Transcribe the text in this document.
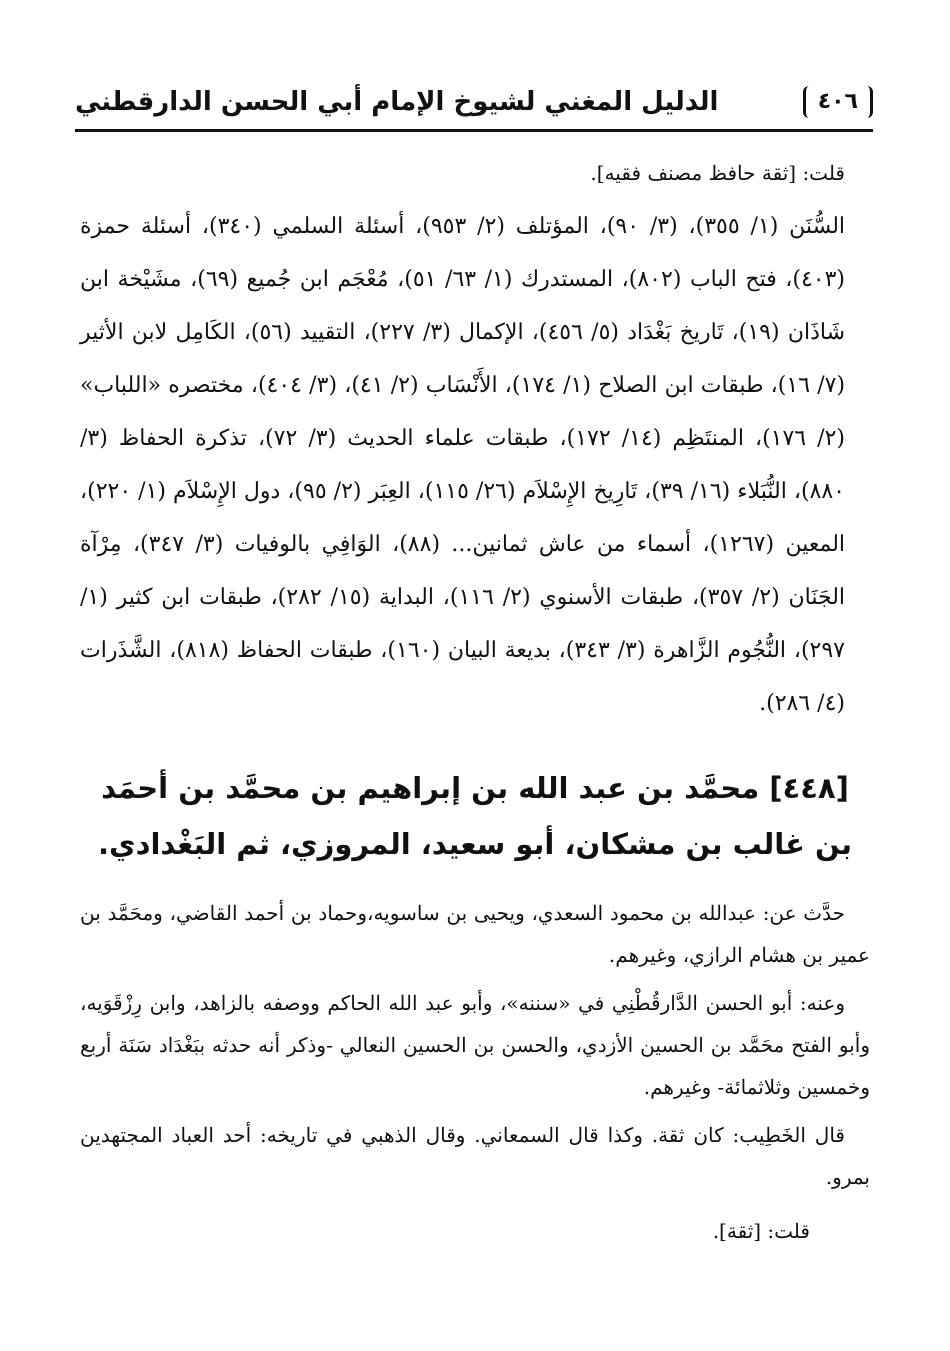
٤٠٦
الدليل المغني لشيوخ الإمام أبي الحسن الدارقطني

قلت: [ثقة حافظ مصنف فقيه].

السُّنَن (١/ ٣٥٥)، (٣/ ٩٠)، المؤتلف (٢/ ٩٥٣)، أسئلة السلمي (٣٤٠)، أسئلة حمزة (٤٠٣)، فتح الباب (٨٠٢)، المستدرك (١/ ٦٣/ ٥١)، مُعْجَم ابن جُميع (٦٩)، مشَيْخة ابن شَاذَان (١٩)، تَاريخ بَغْدَاد (٥/ ٤٥٦)، الإكمال (٣/ ٢٢٧)، التقييد (٥٦)، الكَامِل لابن الأثير (٧/ ١٦)، طبقات ابن الصلاح (١/ ١٧٤)، الأَنْسَاب (٢/ ٤١)، (٣/ ٤٠٤)، مختصره «اللباب» (٢/ ١٧٦)، المنتَظِم (١٤/ ١٧٢)، طبقات علماء الحديث (٣/ ٧٢)، تذكرة الحفاظ (٣/ ٨٨٠)، النُّبَلاء (١٦/ ٣٩)، تَارِيخ الإِسْلاَم (٢٦/ ١١٥)، العِبَر (٢/ ٩٥)، دول الإِسْلاَم (١/ ٢٢٠)، المعين (١٢٦٧)، أسماء من عاش ثمانين... (٨٨)، الوَافِي بالوفيات (٣/ ٣٤٧)، مِرْآة الجَنَان (٢/ ٣٥٧)، طبقات الأسنوي (٢/ ١١٦)، البداية (١٥/ ٢٨٢)، طبقات ابن كثير (١/ ٢٩٧)، النُّجُوم الزَّاهرة (٣/ ٣٤٣)، بديعة البيان (١٦٠)، طبقات الحفاظ (٨١٨)، الشَّذَرات (٤/ ٢٨٦).

[٤٤٨] محمَّد بن عبد الله بن إبراهيم بن محمَّد بن أحمَد بن غالب بن مشكان، أبو سعيد، المروزي، ثم البَغْدادي.

حدَّث عن: عبدالله بن محمود السعدي، ويحيى بن ساسويه،وحماد بن أحمد القاضي، ومحَمَّد بن عمير بن هشام الرازي، وغيرهم.

وعنه: أبو الحسن الدَّارقُطْنِي في «سننه»، وأبو عبد الله الحاكم ووصفه بالزاهد، وابن رِزْقَوَيه، وأبو الفتح محَمَّد بن الحسين الأزدي، والحسن بن الحسين النعالي -وذكر أنه حدثه ببَغْدَاد سَنَة أربع وخمسين وثلاثمائة- وغيرهم.

قال الخَطِيب: كان ثقة. وكذا قال السمعاني. وقال الذهبي في تاريخه: أحد العباد المجتهدين بمرو.

قلت: [ثقة].
